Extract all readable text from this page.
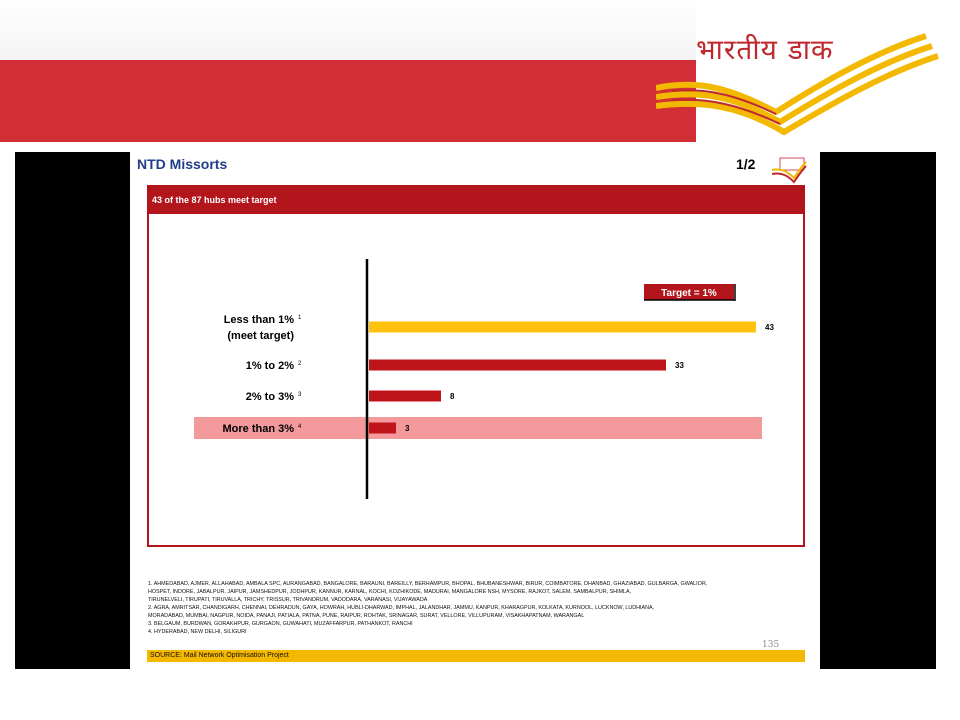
भारतीय डाक
NTD Missorts	1/2
43 of the 87 hubs meet target
43
Less than 1%
(meet target)
1
33
1% to 2% 2
8
2% to 3% 3
3
More than 3% 4
Target = 1%
1. AHMEDABAD, AJMER, ALLAHABAD, AMBALA SPC, AURANGABAD, BANGALORE, BARAUNI, BAREILLY, BERHAMPUR, BHOPAL, BHUBANESHWAR, BIRUR, COIMBATORE, DHANBAD, GHAZIABAD, GULBARGA, GWALIOR,
HOSPET, INDORE, JABALPUR, JAIPUR, JAMSHEDPUR, JODHPUR, KANNUR, KARNAL, KOCHI, KOZHIKODE, MADURAI, MANGALORE NSH, MYSORE, RAJKOT, SALEM, SAMBALPUR, SHIMLA,
TIRUNELVELI, TIRUPATI, TIRUVALLA, TRICHY, TRISSUR, TRIVANDRUM, VADODARA, VARANASI, VIJAYAWADA
2. AGRA, AMRITSAR, CHANDIGARH, CHENNAI, DEHRADUN, GAYA, HOWRAH, HUBLI-DHARWAD, IMPHAL, JALANDHAR, JAMMU, KANPUR, KHARAGPUR, KOLKATA, KURNOOL, LUCKNOW, LUDHIANA,
MORADABAD, MUMBAI, NAGPUR, NOIDA, PANAJI, PATIALA, PATNA, PUNE, RAIPUR, ROHTAK, SRINAGAR, SURAT, VELLORE, VILLUPURAM, VISAKHAPATNAM, WARANGAL
3. BELGAUM, BURDWAN, GORAKHPUR, GURGAON, GUWAHATI, MUZAFFARPUR, PATHANKOT, RANCHI
4. HYDERABAD, NEW DELHI, SILIGURI
135
SOURCE: Mail Network Optimisation Project
